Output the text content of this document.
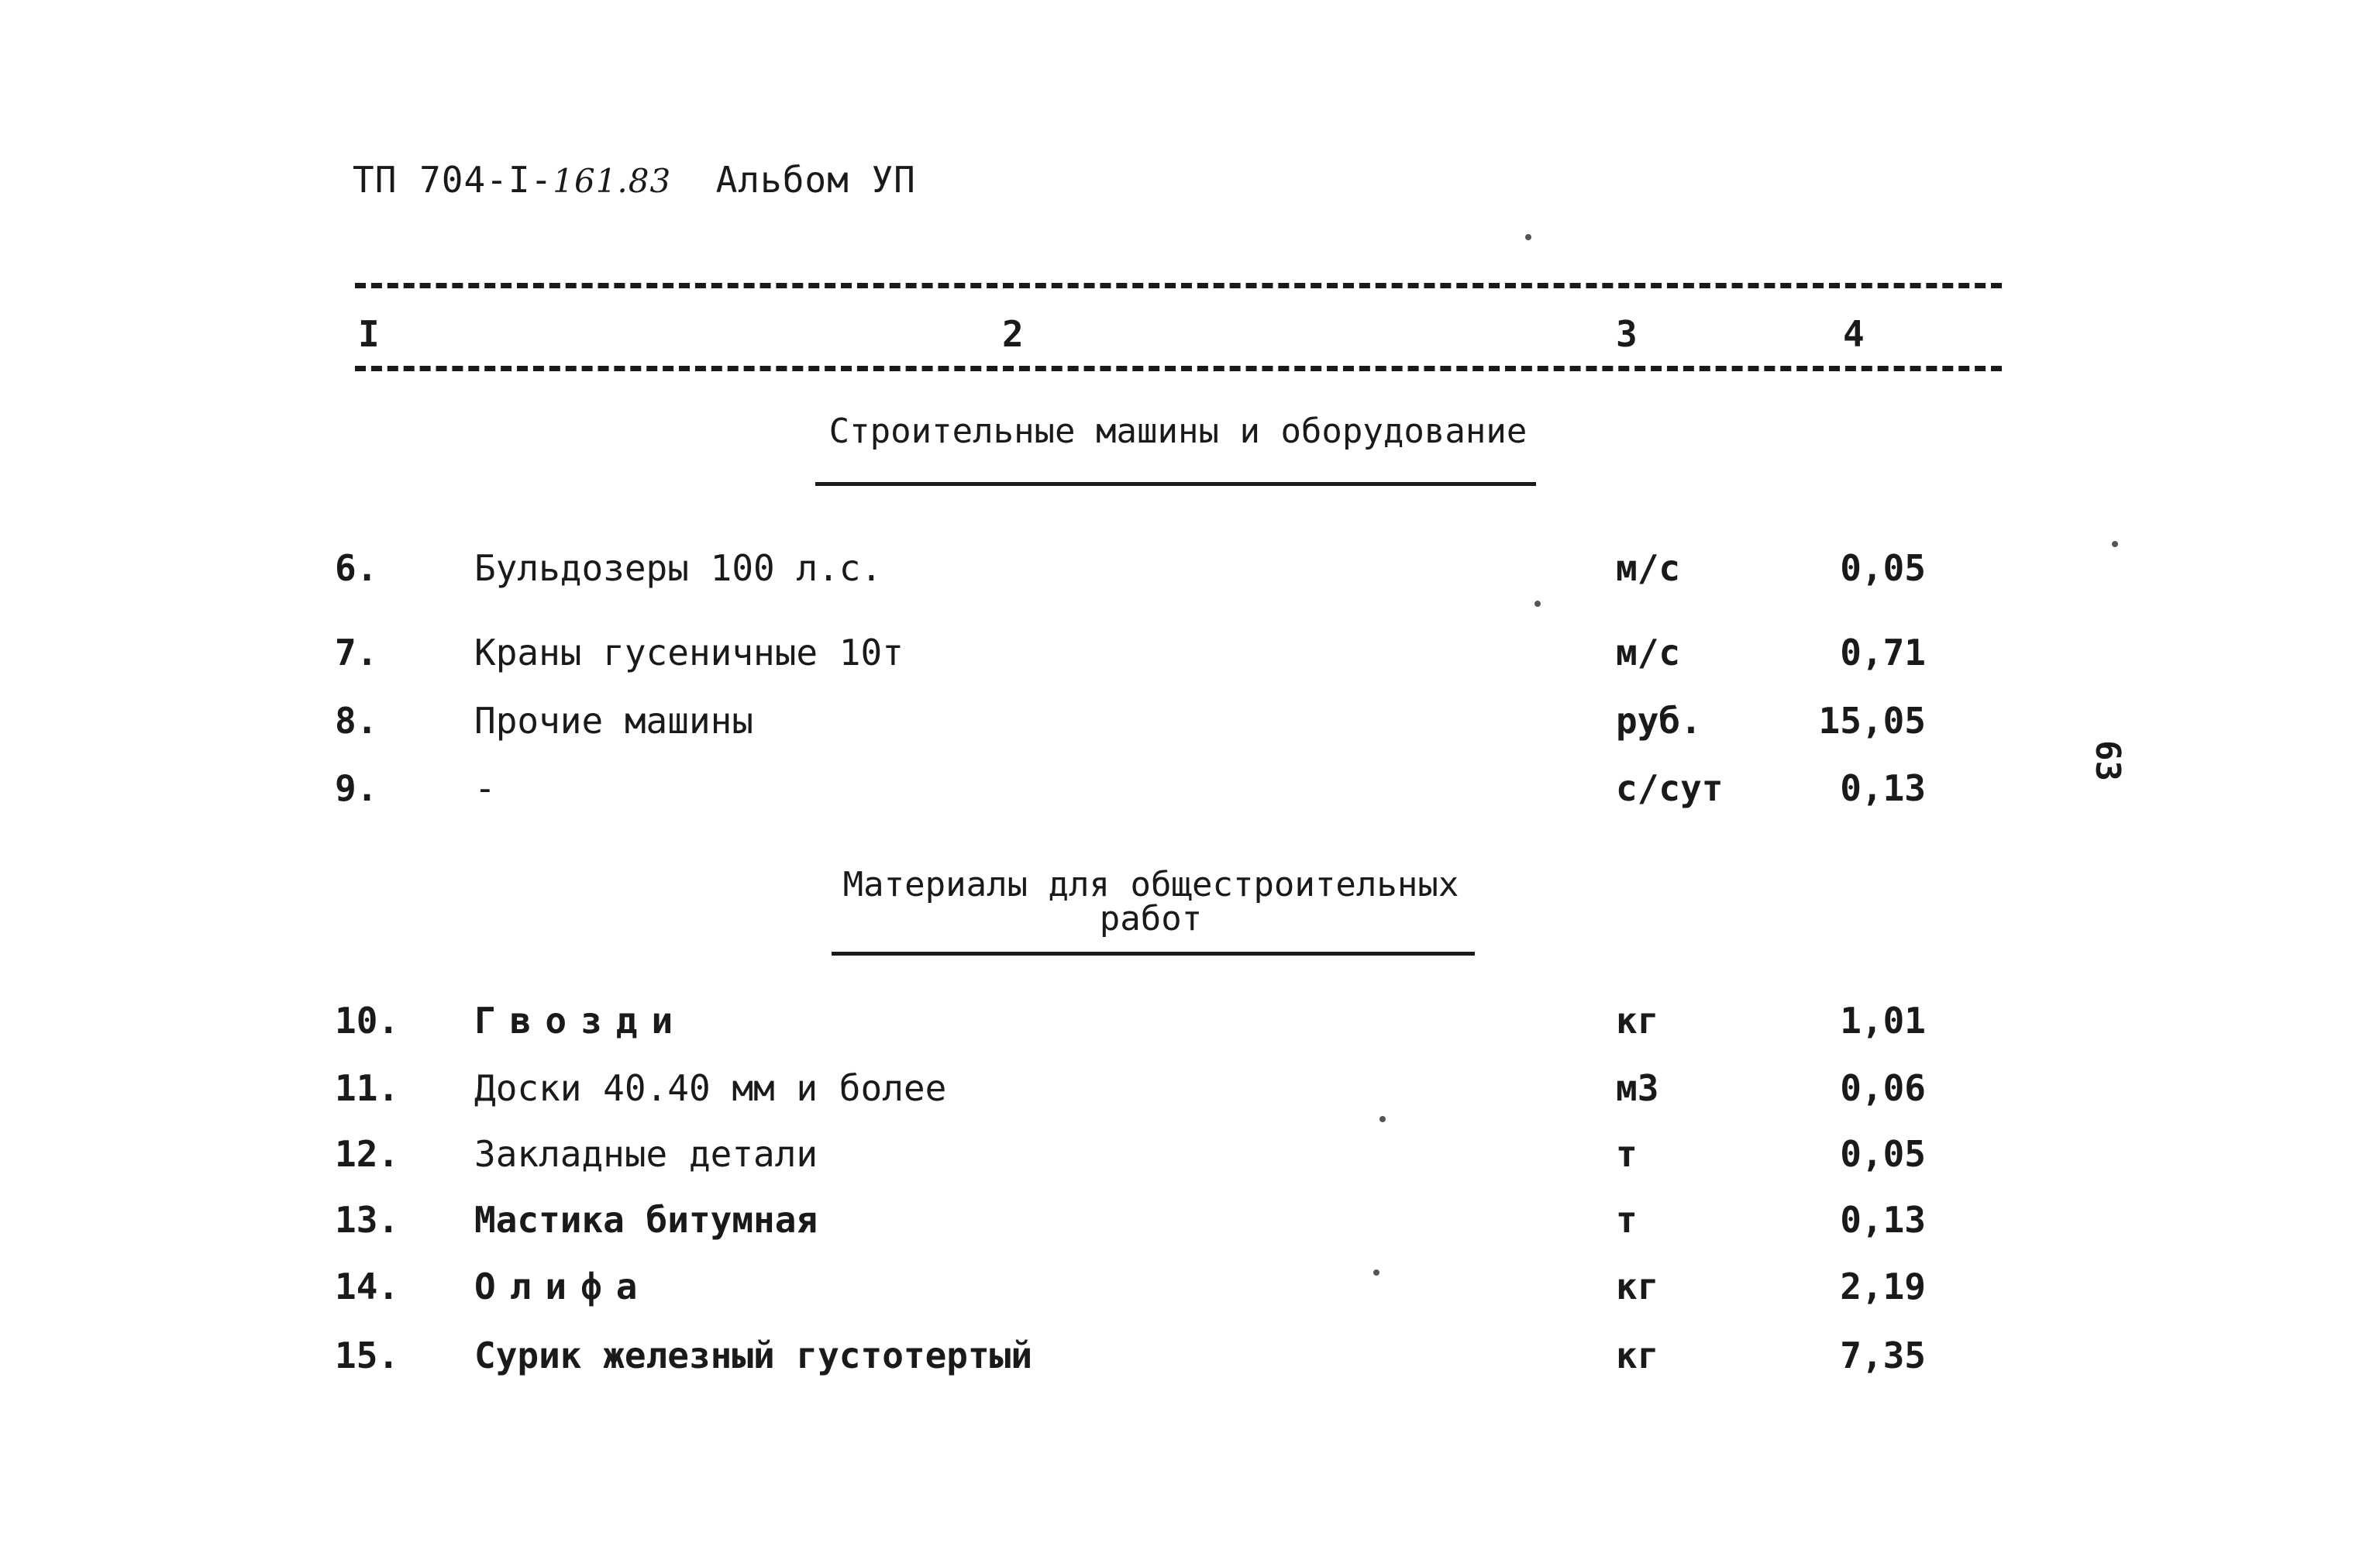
ТП 704-I-161.83 Альбом УП
I	2	3	4
Строительные машины и оборудование
6.	Бульдозеры 100 л.с.	м/с	0,05
7.	Краны гусеничные 10т	м/с	0,71
8.	Прочие машины	руб.	15,05
9.	-	с/сут	0,13
Материалы для общестроительных
работ
10. Гвозди	кг	1,01
11. Доски 40.40 мм и более	м3	0,06
12. Закладные детали	т	0,05
13. Мастика битумная	т	0,13
14. Олифа	кг	2,19
15. Сурик железный густотертый	кг	7,35
63
